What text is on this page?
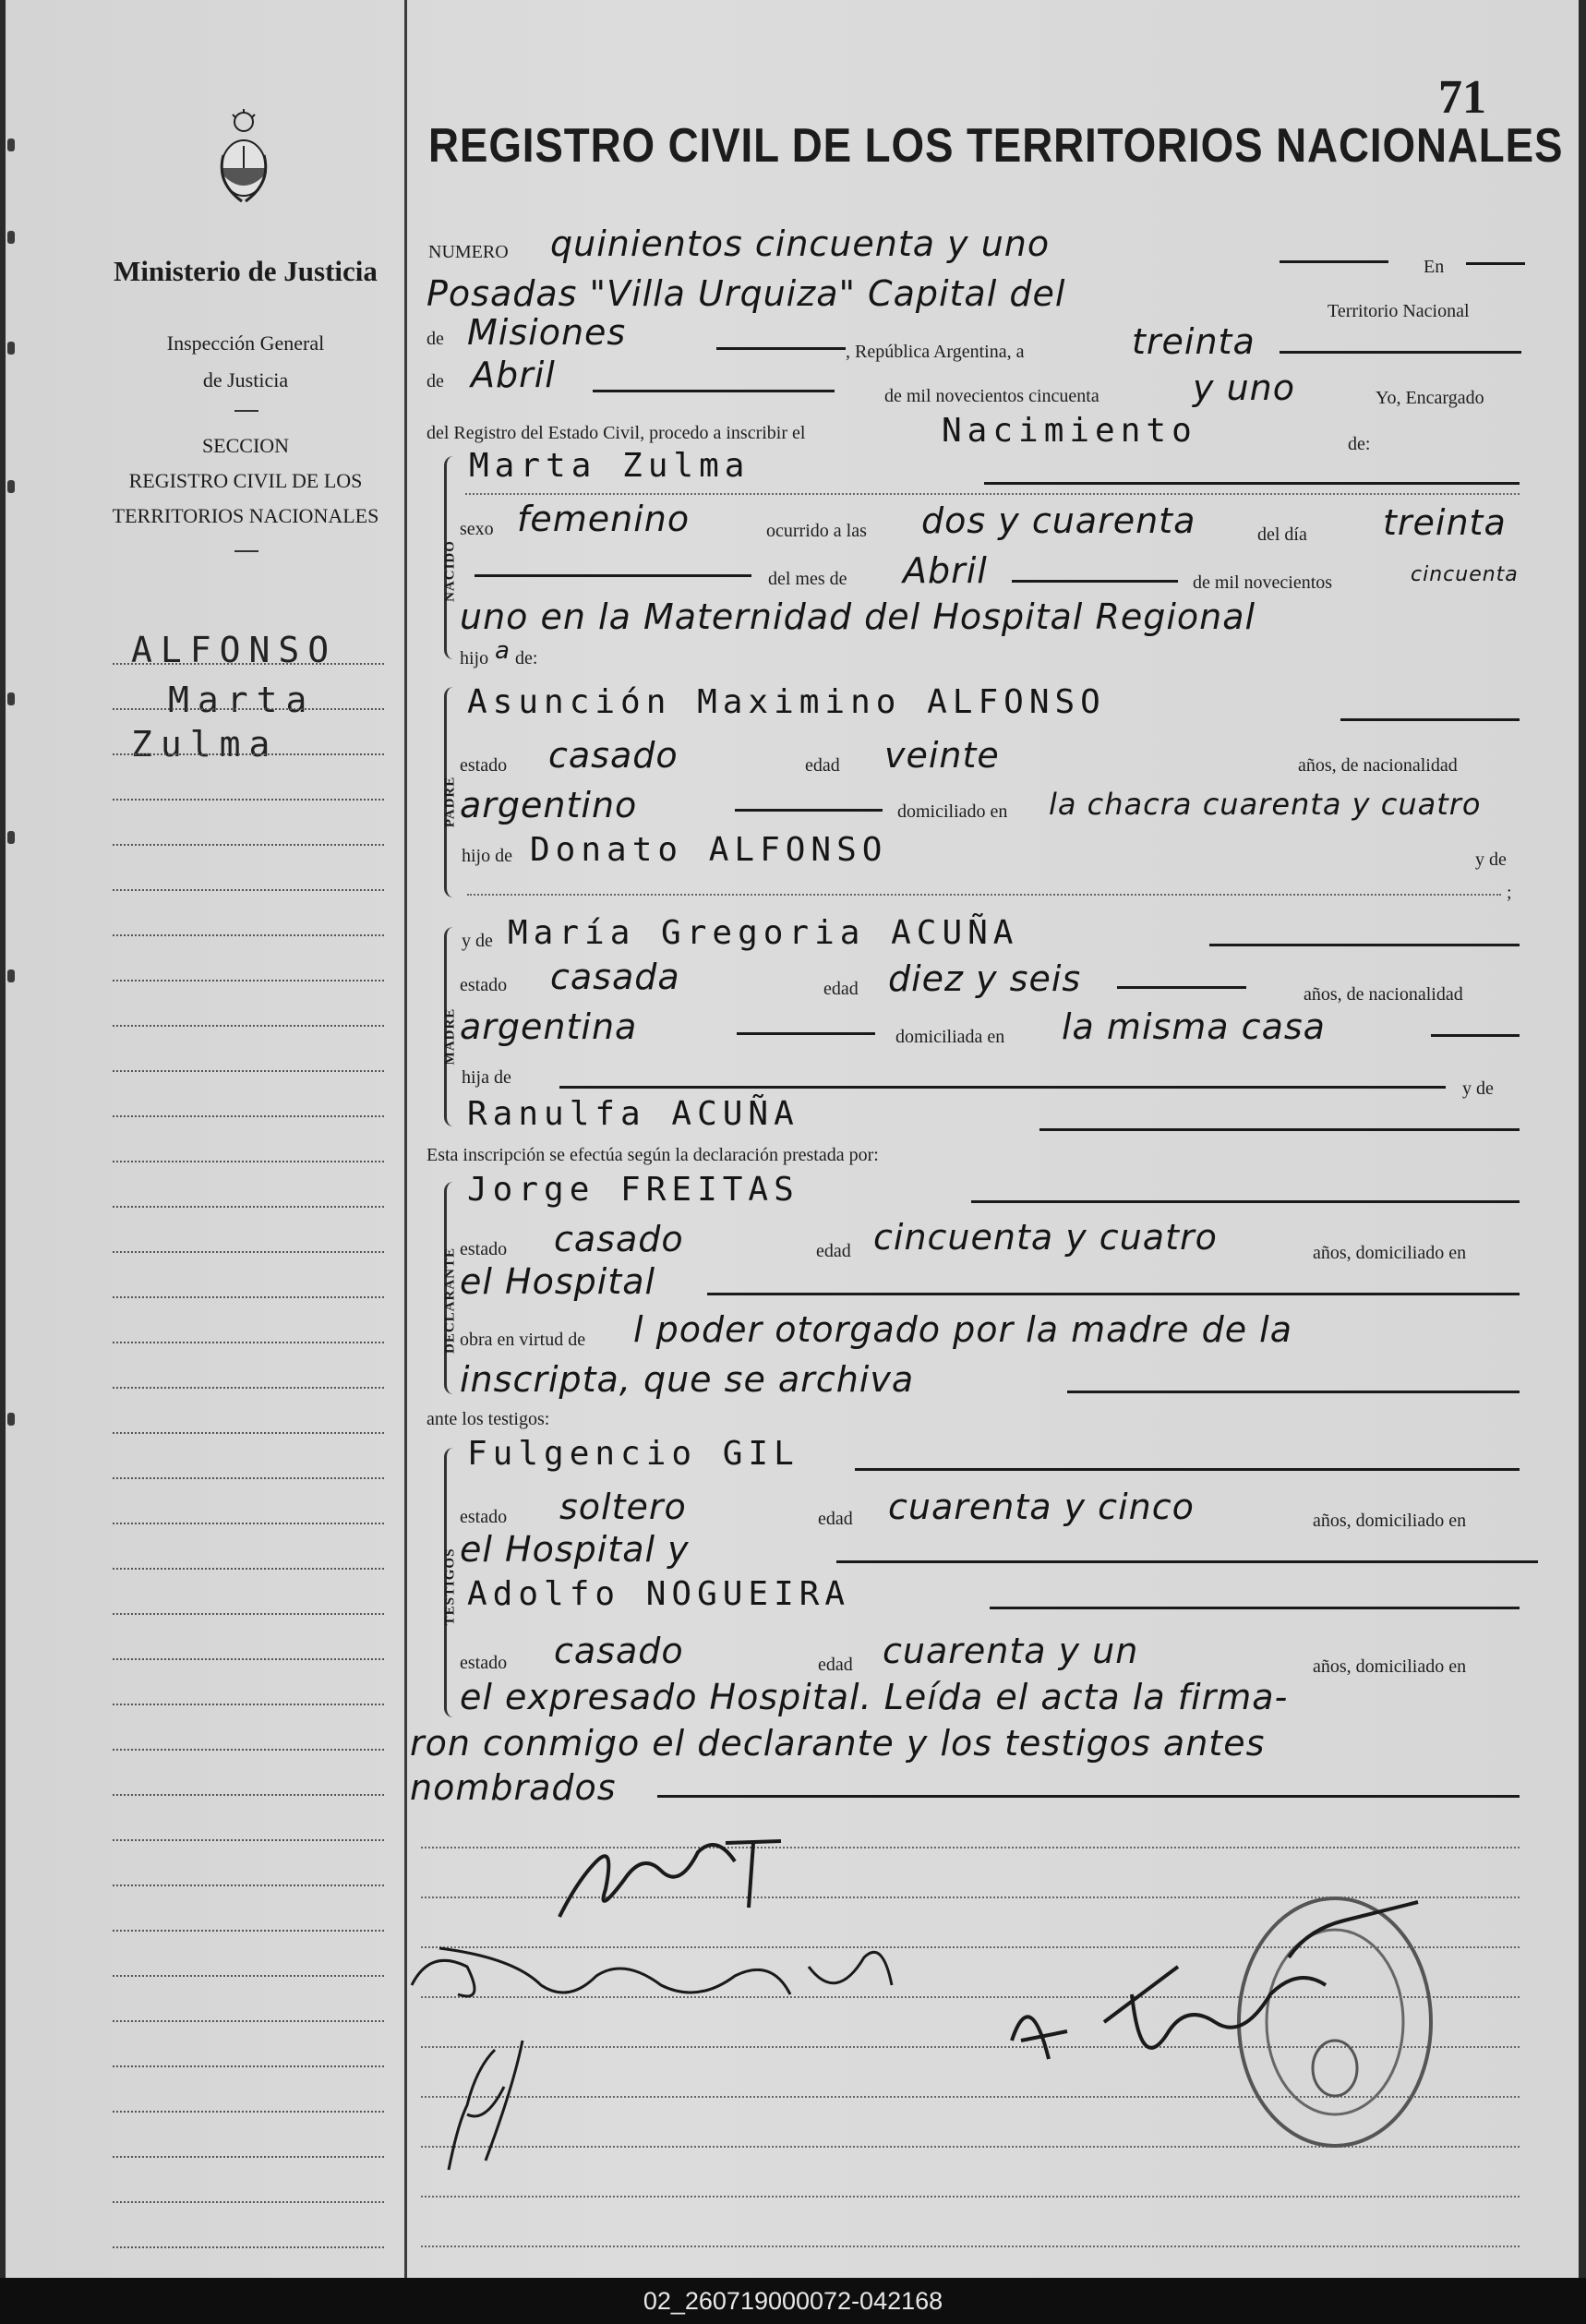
Ministerio de Justicia
Inspección General
de Justicia
SECCION
REGISTRO CIVIL DE LOS
TERRITORIOS NACIONALES
ALFONSO
Marta
Zulma
71
REGISTRO CIVIL DE LOS TERRITORIOS NACIONALES
NUMERO quinientos cincuenta y uno
En
Posadas "Villa Urquiza" Capital del	Territorio Nacional
de Misiones	, República Argentina, a	treinta
de Abril
de mil novecientos cincuenta	y uno	Yo, Encargado
del Registro del Estado Civil, procedo a inscribir el	Nacimiento	de:
NACIDO
Marta Zulma
sexo femenino	ocurrido a las dos y cuarenta	del día treinta
del mes de Abril	de mil novecientos	cincuenta
uno en la Maternidad del Hospital Regional
hijo a de:
PADRE
Asunción Maximino ALFONSO
estado casado	edad veinte	años, de nacionalidad
argentino	domiciliado en la chacra cuarenta y cuatro
hijo de Donato ALFONSO	y de
;
MADRE
y de María Gregoria ACUÑA
estado casada	edad diez y seis	años, de nacionalidad
argentina	domiciliada en la misma casa
hija de
y de
Ranulfa ACUÑA
Esta inscripción se efectúa según la declaración prestada por:
DECLARANTE
Jorge FREITAS
estado casado	edad cincuenta y cuatro	años, domiciliado en
el Hospital
obra en virtud de l poder otorgado por la madre de la
inscripta, que se archiva
ante los testigos:
TESTIGOS
Fulgencio GIL
estado soltero	edad cuarenta y cinco	años, domiciliado en
el Hospital y
Adolfo NOGUEIRA
estado casado	edad cuarenta y un	años, domiciliado en
el expresado Hospital. Leída el acta la firma-
ron conmigo el declarante y los testigos antes
nombrados
02_260719000072-042168
